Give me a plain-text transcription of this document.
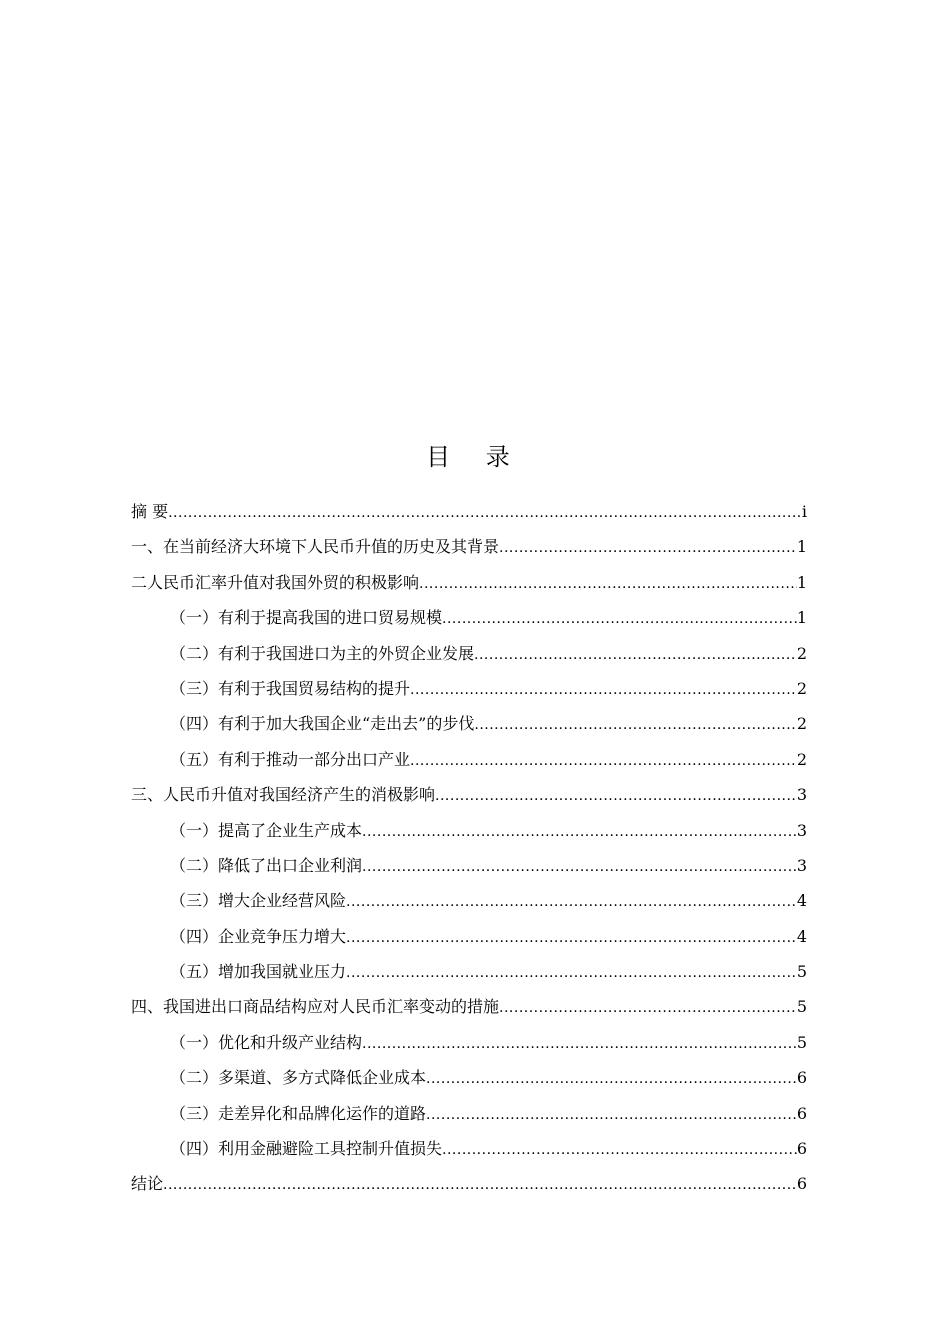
目 录
摘 要 .....	i
一、在当前经济大环境下人民币升值的历史及其背景 .....	1
二人民币汇率升值对我国外贸的积极影响 .....	1
（一）有利于提高我国的进口贸易规模 .....	1
（二）有利于我国进口为主的外贸企业发展 .....	2
（三）有利于我国贸易结构的提升 .....	2
（四）有利于加大我国企业“走出去”的步伐 .....	2
（五）有利于推动一部分出口产业 .....	2
三、人民币升值对我国经济产生的消极影响 .....	3
（一）提高了企业生产成本 .....	3
（二）降低了出口企业利润 .....	3
（三）增大企业经营风险 .....	4
（四）企业竞争压力增大 .....	4
（五）增加我国就业压力 .....	5
四、我国进出口商品结构应对人民币汇率变动的措施 .....	5
（一）优化和升级产业结构 .....	5
（二）多渠道、多方式降低企业成本 .....	6
（三）走差异化和品牌化运作的道路 .....	6
（四）利用金融避险工具控制升值损失 .....	6
结论 .....	6
